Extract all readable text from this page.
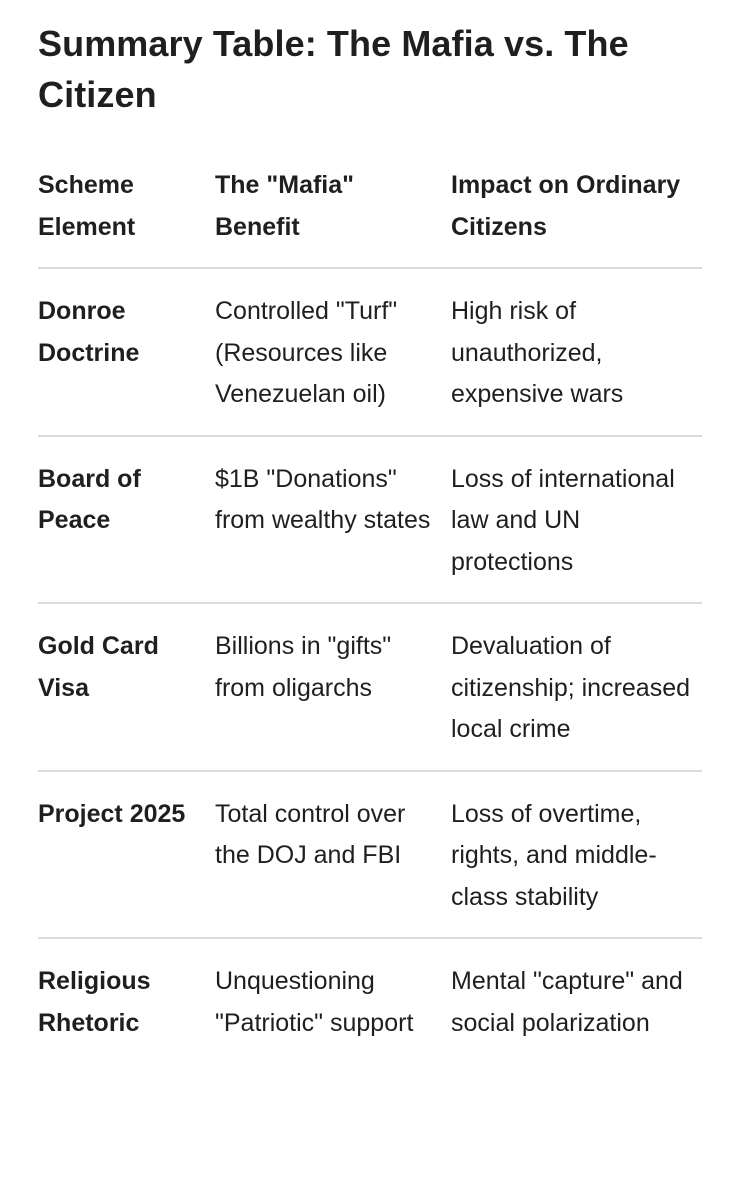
Summary Table: The Mafia vs. The Citizen
Scheme Element	The "Mafia" Benefit	Impact on Ordinary Citizens
Donroe Doctrine	Controlled "Turf" (Resources like Venezuelan oil)	High risk of unauthorized, expensive wars
Board of Peace	$1B "Donations" from wealthy states	Loss of international law and UN protections
Gold Card Visa	Billions in "gifts" from oligarchs	Devaluation of citizenship; increased local crime
Project 2025	Total control over the DOJ and FBI	Loss of overtime, rights, and middle-class stability
Religious Rhetoric	Unquestioning "Patriotic" support	Mental "capture" and social polarization
